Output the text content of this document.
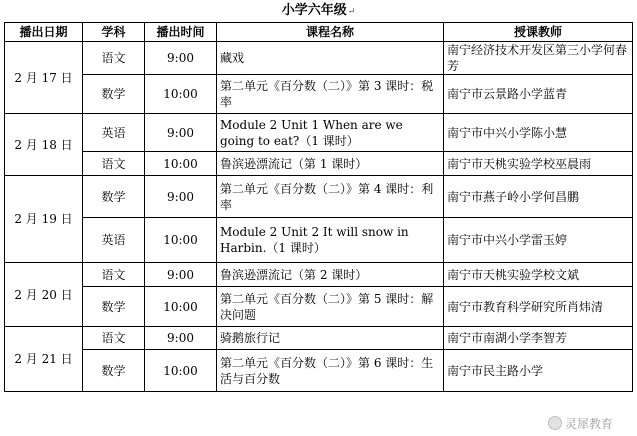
小学六年级↵
播出日期	学科	播出时间	课程名称	授课教师
2 月 17 日	语文	9:00	藏戏	南宁经济技术开发区第三小学何春芳
	数学	10:00	第二单元《百分数（二）》第 3 课时：税率	南宁市云景路小学蓝青
2 月 18 日	英语	9:00	Module 2 Unit 1 When are we going to eat?（1 课时）	南宁市中兴小学陈小慧
	语文	10:00	鲁滨逊漂流记（第 1 课时）	南宁市天桃实验学校巫晨雨
2 月 19 日	数学	9:00	第二单元《百分数（二）》第 4 课时：利率	南宁市燕子岭小学何昌鹏
	英语	10:00	Module 2 Unit 2 It will snow in Harbin.（1 课时）	南宁市中兴小学雷玉婷
2 月 20 日	语文	9:00	鲁滨逊漂流记（第 2 课时）	南宁市天桃实验学校文斌
	数学	10:00	第二单元《百分数（二）》第 5 课时：解决问题	南宁市教育科学研究所肖炜清
2 月 21 日	语文	9:00	骑鹅旅行记	南宁市南湖小学李智芳
	数学	10:00	第二单元《百分数（二）》第 6 课时：生活与百分数	南宁市民主路小学
灵犀教育
